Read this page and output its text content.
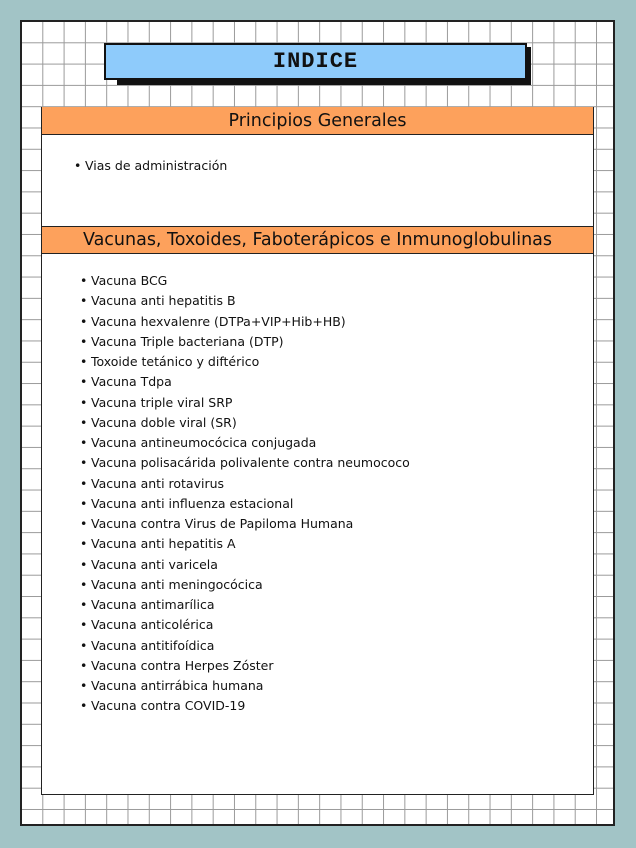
INDICE
Principios Generales
• Vias de administración
Vacunas, Toxoides, Faboterápicos e Inmunoglobulinas
• Vacuna BCG
• Vacuna anti hepatitis B
• Vacuna hexvalenre (DTPa+VIP+Hib+HB)
• Vacuna Triple bacteriana (DTP)
• Toxoide tetánico y diftérico
• Vacuna Tdpa
• Vacuna triple viral SRP
• Vacuna doble viral (SR)
• Vacuna antineumocócica conjugada
• Vacuna polisacárida polivalente contra neumococo
• Vacuna anti rotavirus
• Vacuna anti influenza estacional
• Vacuna contra Virus de Papiloma Humana
• Vacuna anti hepatitis A
• Vacuna anti varicela
• Vacuna anti meningocócica
• Vacuna antimarílica
• Vacuna anticolérica
• Vacuna antitifoídica
• Vacuna contra Herpes Zóster
• Vacuna antirrábica humana
• Vacuna contra COVID-19
